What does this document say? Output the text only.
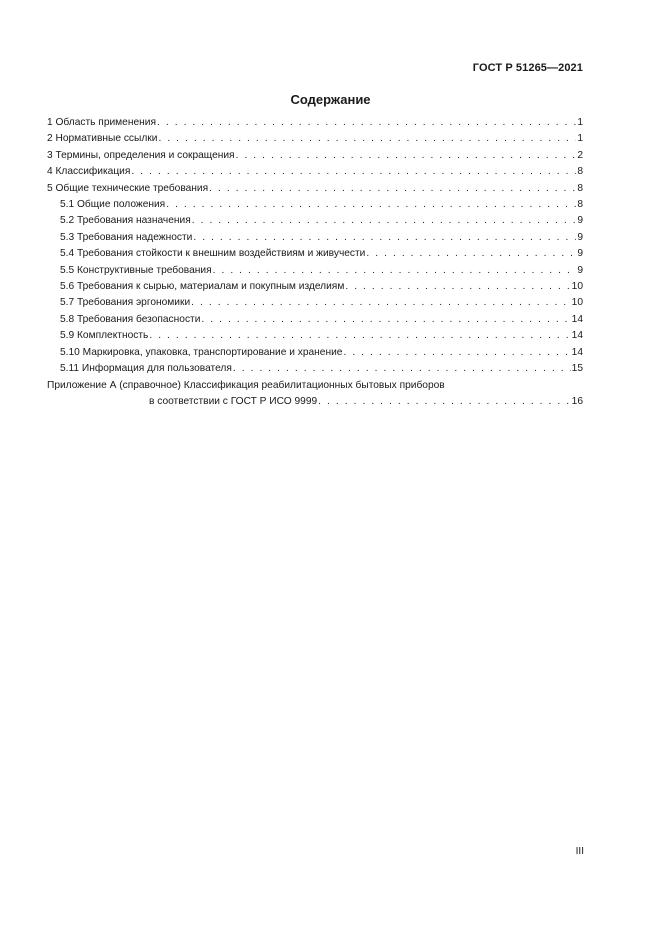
ГОСТ Р 51265—2021
Содержание
1 Область применения . . .	1
2 Нормативные ссылки . . .	1
3 Термины, определения и сокращения . . .	2
4 Классификация . . .	8
5 Общие технические требования . . .	8
5.1 Общие положения . . .	8
5.2 Требования назначения . . .	9
5.3 Требования надежности . . .	9
5.4 Требования стойкости к внешним воздействиям и живучести . . .	9
5.5 Конструктивные требования . . .	9
5.6 Требования к сырью, материалам и покупным изделиям . . .	10
5.7 Требования эргономики . . .	10
5.8 Требования безопасности . . .	14
5.9 Комплектность . . .	14
5.10 Маркировка, упаковка, транспортирование и хранение . . .	14
5.11 Информация для пользователя . . .	15
Приложение А (справочное) Классификация реабилитационных бытовых приборов
в соответствии с ГОСТ Р ИСО 9999 . . .	16
III
